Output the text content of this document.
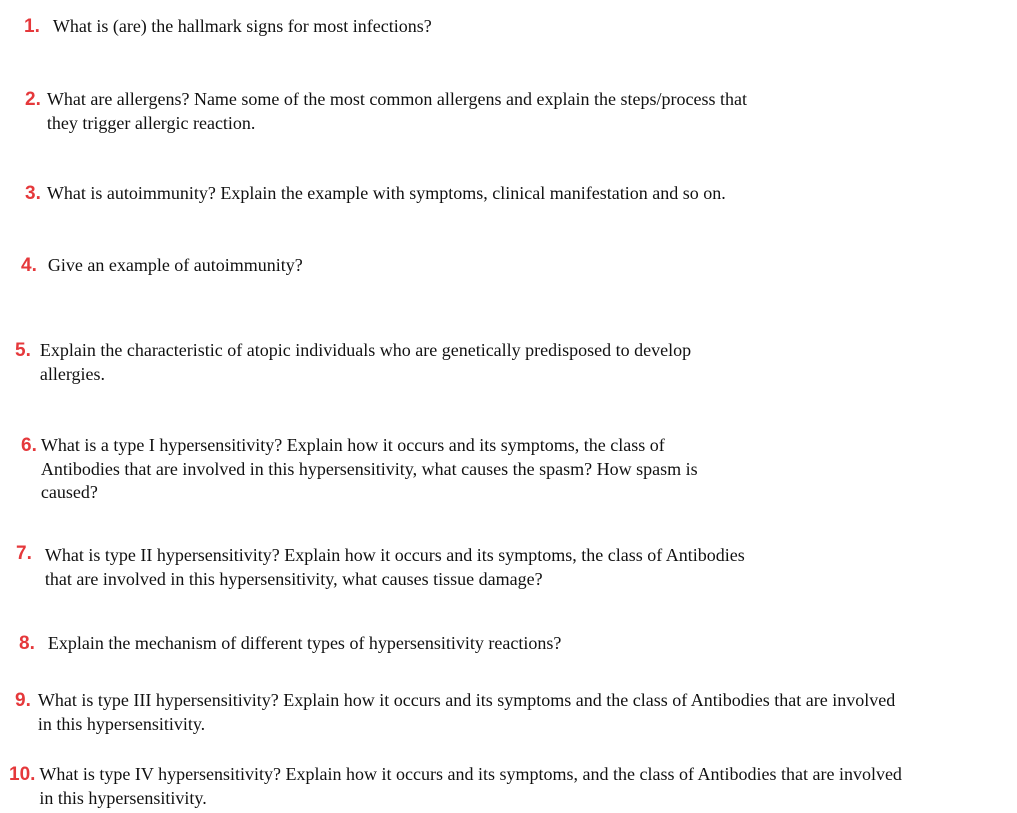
1. What is (are) the hallmark signs for most infections?
2. What are allergens? Name some of the most common allergens and explain the steps/process that
they trigger allergic reaction.
3. What is autoimmunity? Explain the example with symptoms, clinical manifestation and so on.
4. Give an example of autoimmunity?
5. Explain the characteristic of atopic individuals who are genetically predisposed to develop
allergies.
6. What is a type I hypersensitivity? Explain how it occurs and its symptoms, the class of
Antibodies that are involved in this hypersensitivity, what causes the spasm? How spasm is
caused?
7. What is type II hypersensitivity? Explain how it occurs and its symptoms, the class of Antibodies
that are involved in this hypersensitivity, what causes tissue damage?
8. Explain the mechanism of different types of hypersensitivity reactions?
9. What is type III hypersensitivity? Explain how it occurs and its symptoms and the class of Antibodies that are involved
in this hypersensitivity.
10. What is type IV hypersensitivity? Explain how it occurs and its symptoms, and the class of Antibodies that are involved
in this hypersensitivity.
